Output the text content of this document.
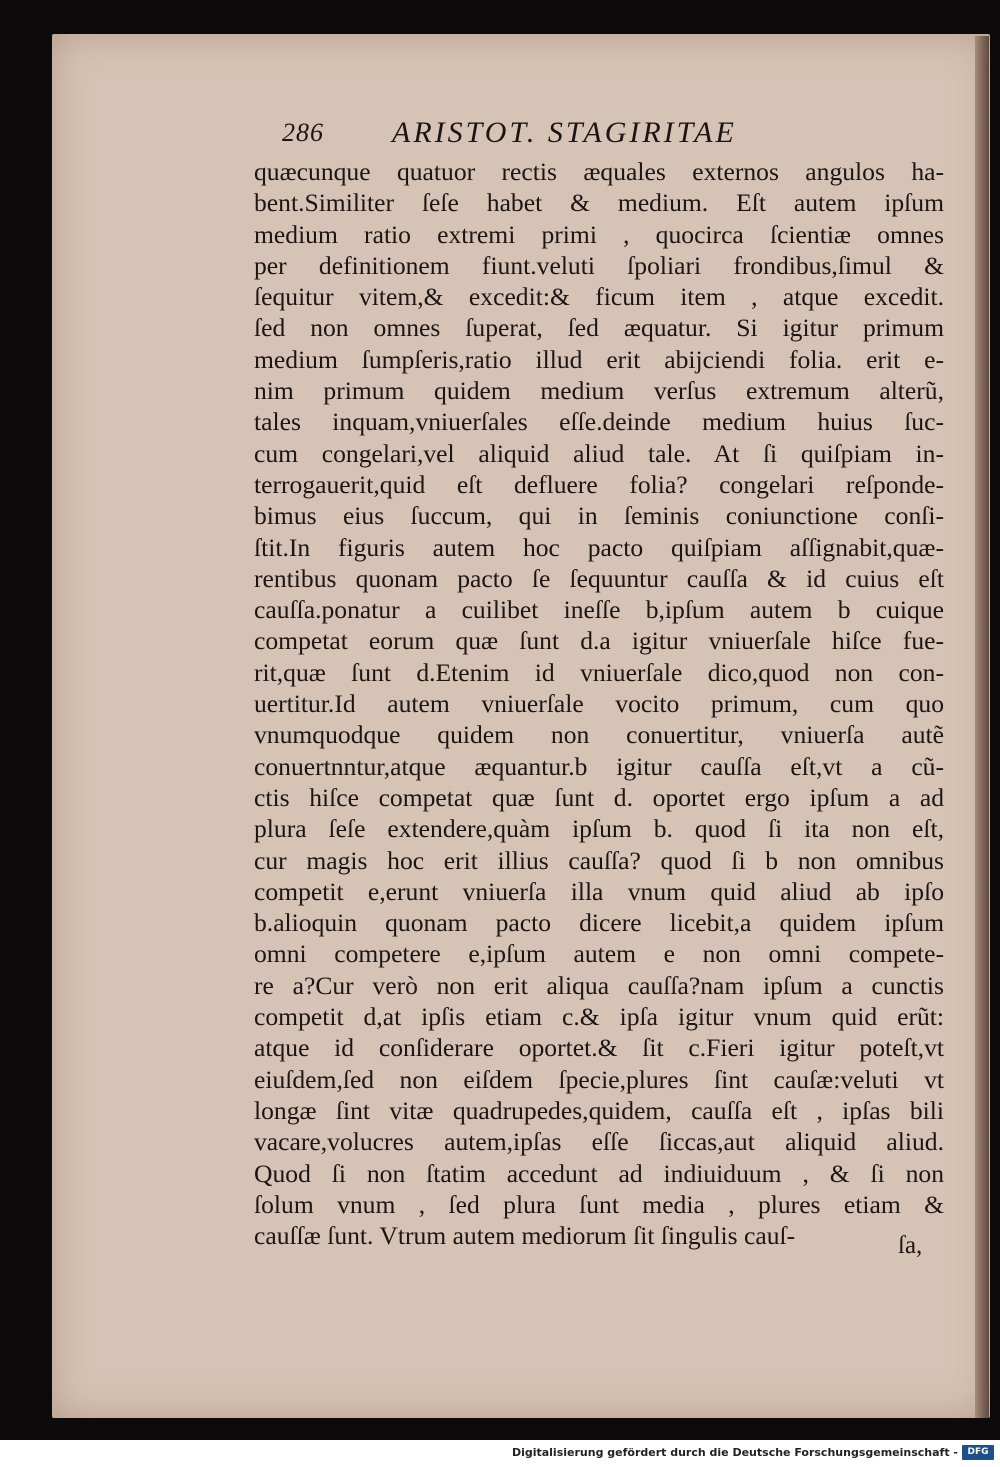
286 ARISTOT. STAGIRITAE
quæcunque quatuor rectis æquales externos angulos ha-
bent.Similiter ſeſe habet & medium. Eſt autem ipſum
medium ratio extremi primi , quocirca ſcientiæ omnes
per definitionem fiunt.veluti ſpoliari frondibus,ſimul &
ſequitur vitem,& excedit:& ficum item , atque excedit.
ſed non omnes ſuperat, ſed æquatur. Si igitur primum
medium ſumpſeris,ratio illud erit abijciendi folia. erit e-
nim primum quidem medium verſus extremum alterũ,
tales inquam,vniuerſales eſſe.deinde medium huius ſuc-
cum congelari,vel aliquid aliud tale. At ſi quiſpiam in-
terrogauerit,quid eſt defluere folia? congelari reſponde-
bimus eius ſuccum, qui in ſeminis coniunctione conſi-
ſtit.In figuris autem hoc pacto quiſpiam aſſignabit,quæ-
rentibus quonam pacto ſe ſequuntur cauſſa & id cuius eſt
cauſſa.ponatur a cuilibet ineſſe b,ipſum autem b cuique
competat eorum quæ ſunt d.a igitur vniuerſale hiſce fue-
rit,quæ ſunt d.Etenim id vniuerſale dico,quod non con-
uertitur.Id autem vniuerſale vocito primum, cum quo
vnumquodque quidem non conuertitur, vniuerſa autẽ
conuertnntur,atque æquantur.b igitur cauſſa eſt,vt a cũ-
ctis hiſce competat quæ ſunt d. oportet ergo ipſum a ad
plura ſeſe extendere,quàm ipſum b. quod ſi ita non eſt,
cur magis hoc erit illius cauſſa? quod ſi b non omnibus
competit e,erunt vniuerſa illa vnum quid aliud ab ipſo
b.alioquin quonam pacto dicere licebit,a quidem ipſum
omni competere e,ipſum autem e non omni compete-
re a?Cur verò non erit aliqua cauſſa?nam ipſum a cunctis
competit d,at ipſis etiam c.& ipſa igitur vnum quid erũt:
atque id conſiderare oportet.& ſit c.Fieri igitur poteſt,vt
eiuſdem,ſed non eiſdem ſpecie,plures ſint cauſæ:veluti vt
longæ ſint vitæ quadrupedes,quidem, cauſſa eſt , ipſas bili
vacare,volucres autem,ipſas eſſe ſiccas,aut aliquid aliud.
Quod ſi non ſtatim accedunt ad indiuiduum , & ſi non
ſolum vnum , ſed plura ſunt media , plures etiam &
cauſſæ ſunt. Vtrum autem mediorum ſit ſingulis cauſ-	ſa,
Digitalisierung gefördert durch die Deutsche Forschungsgemeinschaft -	DFG
